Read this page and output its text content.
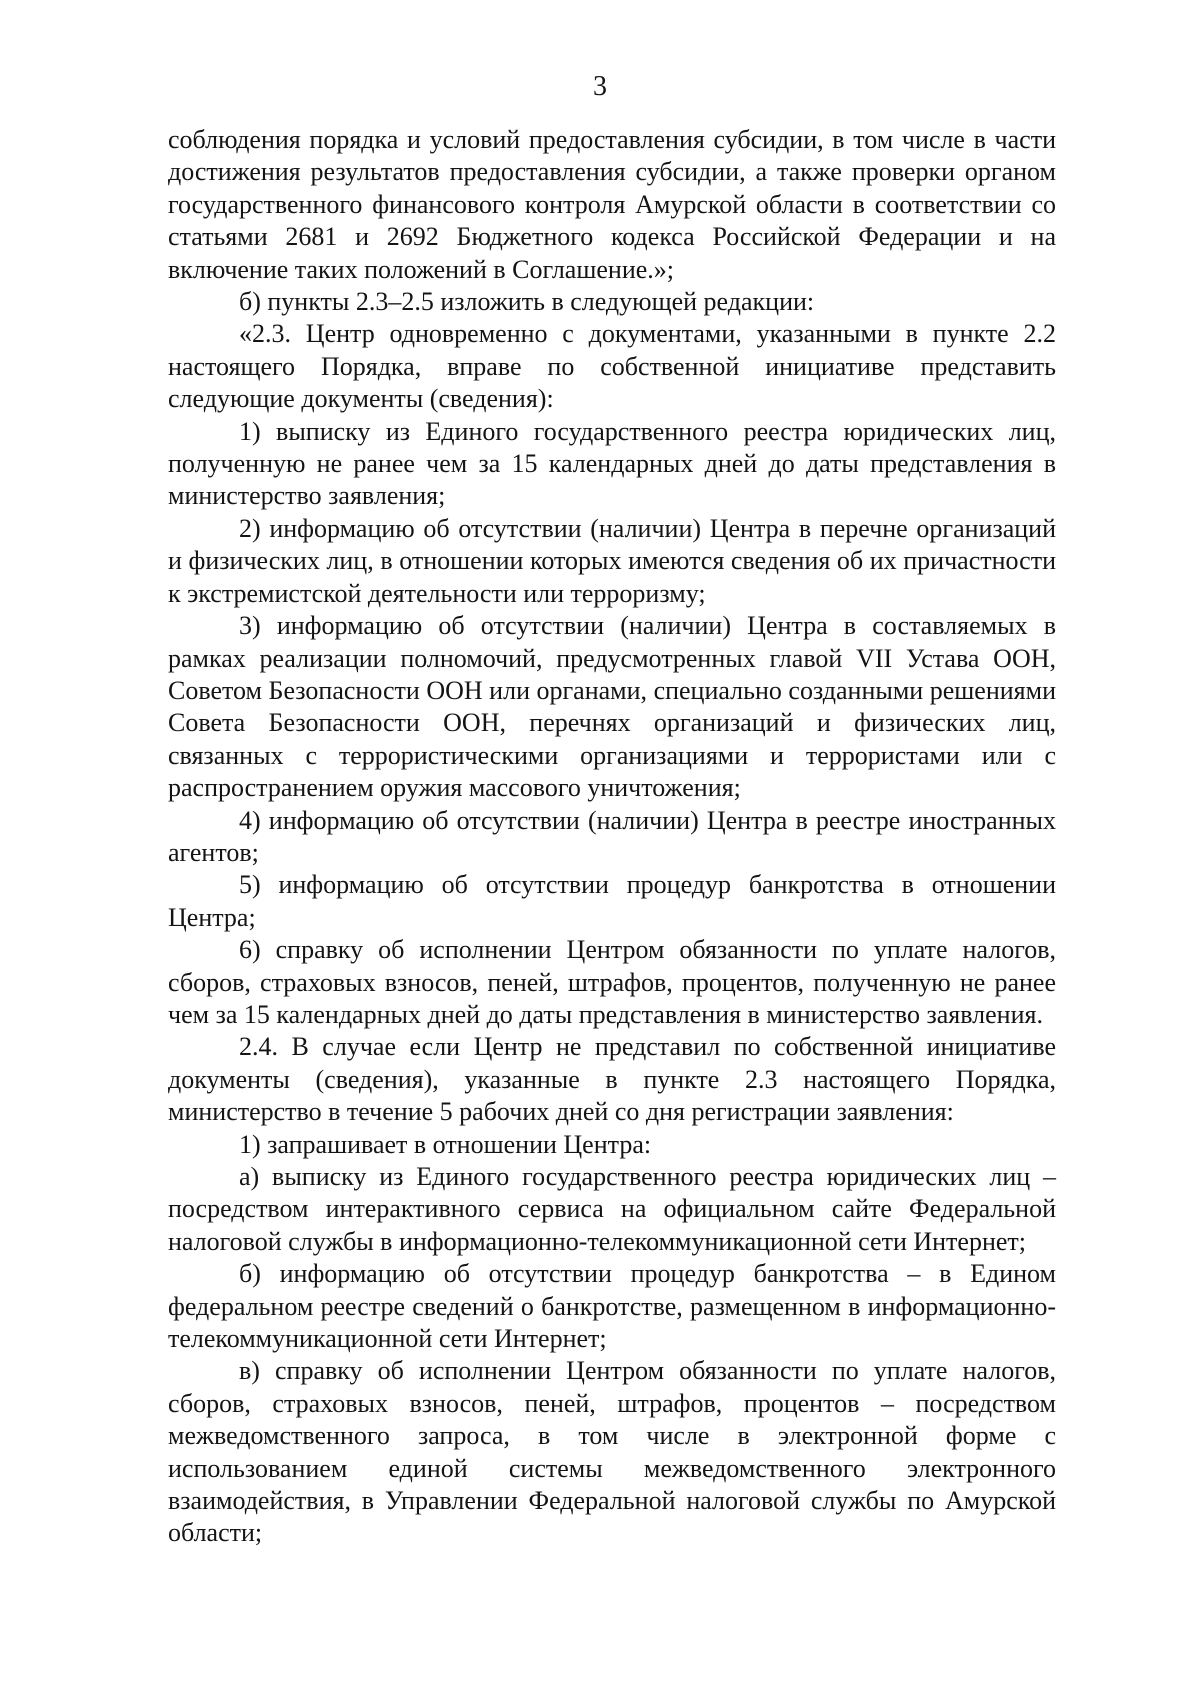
3

соблюдения порядка и условий предоставления субсидии, в том числе в части достижения результатов предоставления субсидии, а также проверки органом государственного финансового контроля Амурской области в соответствии со статьями 2681 и 2692 Бюджетного кодекса Российской Федерации и на включение таких положений в Соглашение.»;

б) пункты 2.3–2.5 изложить в следующей редакции:

«2.3. Центр одновременно с документами, указанными в пункте 2.2 настоящего Порядка, вправе по собственной инициативе представить следующие документы (сведения):

1) выписку из Единого государственного реестра юридических лиц, полученную не ранее чем за 15 календарных дней до даты представления в министерство заявления;

2) информацию об отсутствии (наличии) Центра в перечне организаций и физических лиц, в отношении которых имеются сведения об их причастности к экстремистской деятельности или терроризму;

3) информацию об отсутствии (наличии) Центра в составляемых в рамках реализации полномочий, предусмотренных главой VII Устава ООН, Советом Безопасности ООН или органами, специально созданными решениями Совета Безопасности ООН, перечнях организаций и физических лиц, связанных с террористическими организациями и террористами или с распространением оружия массового уничтожения;

4) информацию об отсутствии (наличии) Центра в реестре иностранных агентов;

5) информацию об отсутствии процедур банкротства в отношении Центра;

6) справку об исполнении Центром обязанности по уплате налогов, сборов, страховых взносов, пеней, штрафов, процентов, полученную не ранее чем за 15 календарных дней до даты представления в министерство заявления.

2.4. В случае если Центр не представил по собственной инициативе документы (сведения), указанные в пункте 2.3 настоящего Порядка, министерство в течение 5 рабочих дней со дня регистрации заявления:

1) запрашивает в отношении Центра:

а) выписку из Единого государственного реестра юридических лиц – посредством интерактивного сервиса на официальном сайте Федеральной налоговой службы в информационно-телекоммуникационной сети Интернет;

б) информацию об отсутствии процедур банкротства – в Едином федеральном реестре сведений о банкротстве, размещенном в информационно-телекоммуникационной сети Интернет;

в) справку об исполнении Центром обязанности по уплате налогов, сборов, страховых взносов, пеней, штрафов, процентов – посредством межведомственного запроса, в том числе в электронной форме с использованием единой системы межведомственного электронного взаимодействия, в Управлении Федеральной налоговой службы по Амурской области;
